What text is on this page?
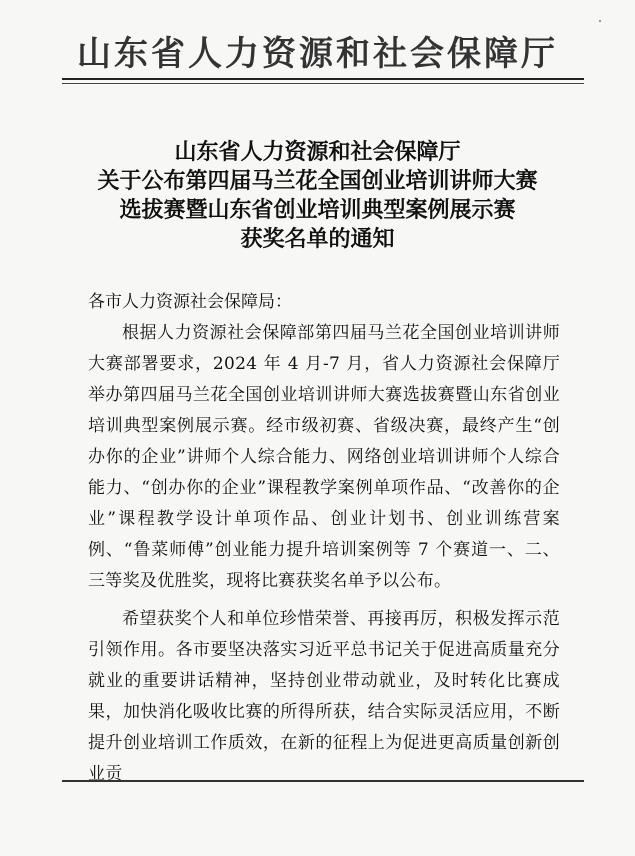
山东省人力资源和社会保障厅
山东省人力资源和社会保障厅
关于公布第四届马兰花全国创业培训讲师大赛
选拔赛暨山东省创业培训典型案例展示赛
获奖名单的通知
各市人力资源社会保障局：

根据人力资源社会保障部第四届马兰花全国创业培训讲师大赛部署要求，2024 年 4 月-7 月，省人力资源社会保障厅举办第四届马兰花全国创业培训讲师大赛选拔赛暨山东省创业培训典型案例展示赛。经市级初赛、省级决赛，最终产生“创办你的企业”讲师个人综合能力、网络创业培训讲师个人综合能力、“创办你的企业”课程教学案例单项作品、“改善你的企业”课程教学设计单项作品、创业计划书、创业训练营案例、“鲁菜师傅”创业能力提升培训案例等 7 个赛道一、二、三等奖及优胜奖，现将比赛获奖名单予以公布。

希望获奖个人和单位珍惜荣誉、再接再厉，积极发挥示范引领作用。各市要坚决落实习近平总书记关于促进高质量充分就业的重要讲话精神，坚持创业带动就业，及时转化比赛成果，加快消化吸收比赛的所得所获，结合实际灵活应用，不断提升创业培训工作质效，在新的征程上为促进更高质量创新创业贡
